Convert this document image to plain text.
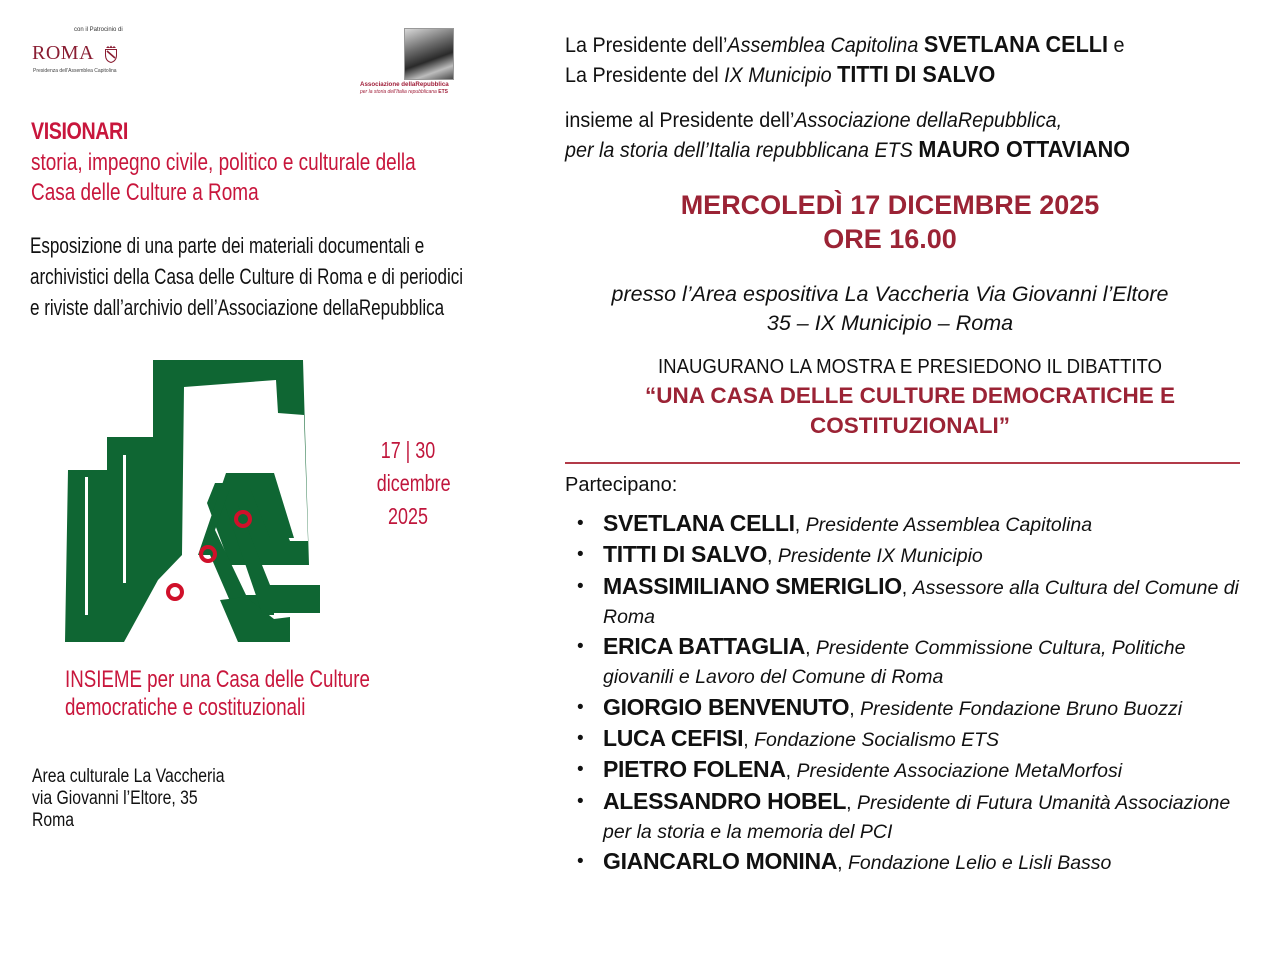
con il Patrocinio di
ROMA
Presidenza dell'Assemblea Capitolina
Associazione dellaRepubblica
per la storia dell'Italia repubblicana ETS
VISIONARI
storia, impegno civile, politico e culturale della
Casa delle Culture a Roma
Esposizione di una parte dei materiali documentali e
archivistici della Casa delle Culture di Roma e di periodici
e riviste dall’archivio dell’Associazione dellaRepubblica
17 | 30
dicembre
2025
INSIEME per una Casa delle Culture
democratiche e costituzionali
Area culturale La Vaccheria
via Giovanni l’Eltore, 35
Roma
La Presidente dell’Assemblea Capitolina SVETLANA CELLI e
La Presidente del IX Municipio TITTI DI SALVO
insieme al Presidente dell’Associazione dellaRepubblica,
per la storia dell’Italia repubblicana ETS MAURO OTTAVIANO
MERCOLEDÌ 17 DICEMBRE 2025
ORE 16.00
presso l’Area espositiva La Vaccheria Via Giovanni l’Eltore
35 – IX Municipio – Roma
INAUGURANO LA MOSTRA E PRESIEDONO IL DIBATTITO
“UNA CASA DELLE CULTURE DEMOCRATICHE E
COSTITUZIONALI”
Partecipano:
• SVETLANA CELLI, Presidente Assemblea Capitolina
• TITTI DI SALVO, Presidente IX Municipio
• MASSIMILIANO SMERIGLIO, Assessore alla Cultura del Comune di Roma
• ERICA BATTAGLIA, Presidente Commissione Cultura, Politiche giovanili e Lavoro del Comune di Roma
• GIORGIO BENVENUTO, Presidente Fondazione Bruno Buozzi
• LUCA CEFISI, Fondazione Socialismo ETS
• PIETRO FOLENA, Presidente Associazione MetaMorfosi
• ALESSANDRO HOBEL, Presidente di Futura Umanità Associazione per la storia e la memoria del PCI
• GIANCARLO MONINA, Fondazione Lelio e Lisli Basso
